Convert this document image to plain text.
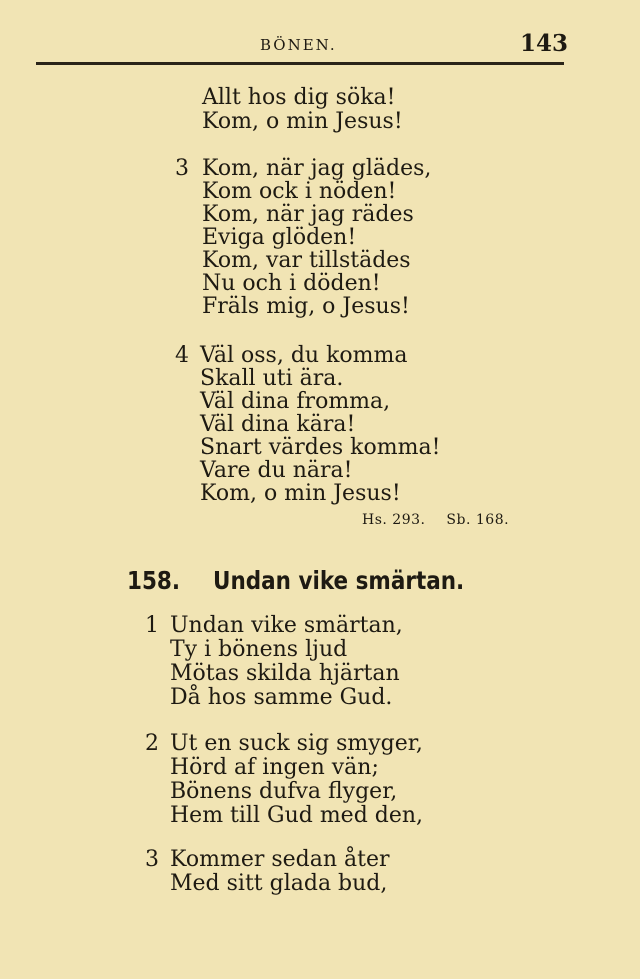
BÖNEN.	143
Allt hos dig söka!
Kom, o min Jesus!
3 Kom, när jag glädes,
Kom ock i nöden!
Kom, när jag rädes
Eviga glöden!
Kom, var tillstädes
Nu och i döden!
Fräls mig, o Jesus!
4 Väl oss, du komma
Skall uti ära.
Väl dina fromma,
Väl dina kära!
Snart värdes komma!
Vare du nära!
Kom, o min Jesus!
Hs. 293. Sb. 168.
158. Undan vike smärtan.
1 Undan vike smärtan,
Ty i bönens ljud
Mötas skilda hjärtan
Då hos samme Gud.
2 Ut en suck sig smyger,
Hörd af ingen vän;
Bönens dufva flyger,
Hem till Gud med den,
3 Kommer sedan åter
Med sitt glada bud,
